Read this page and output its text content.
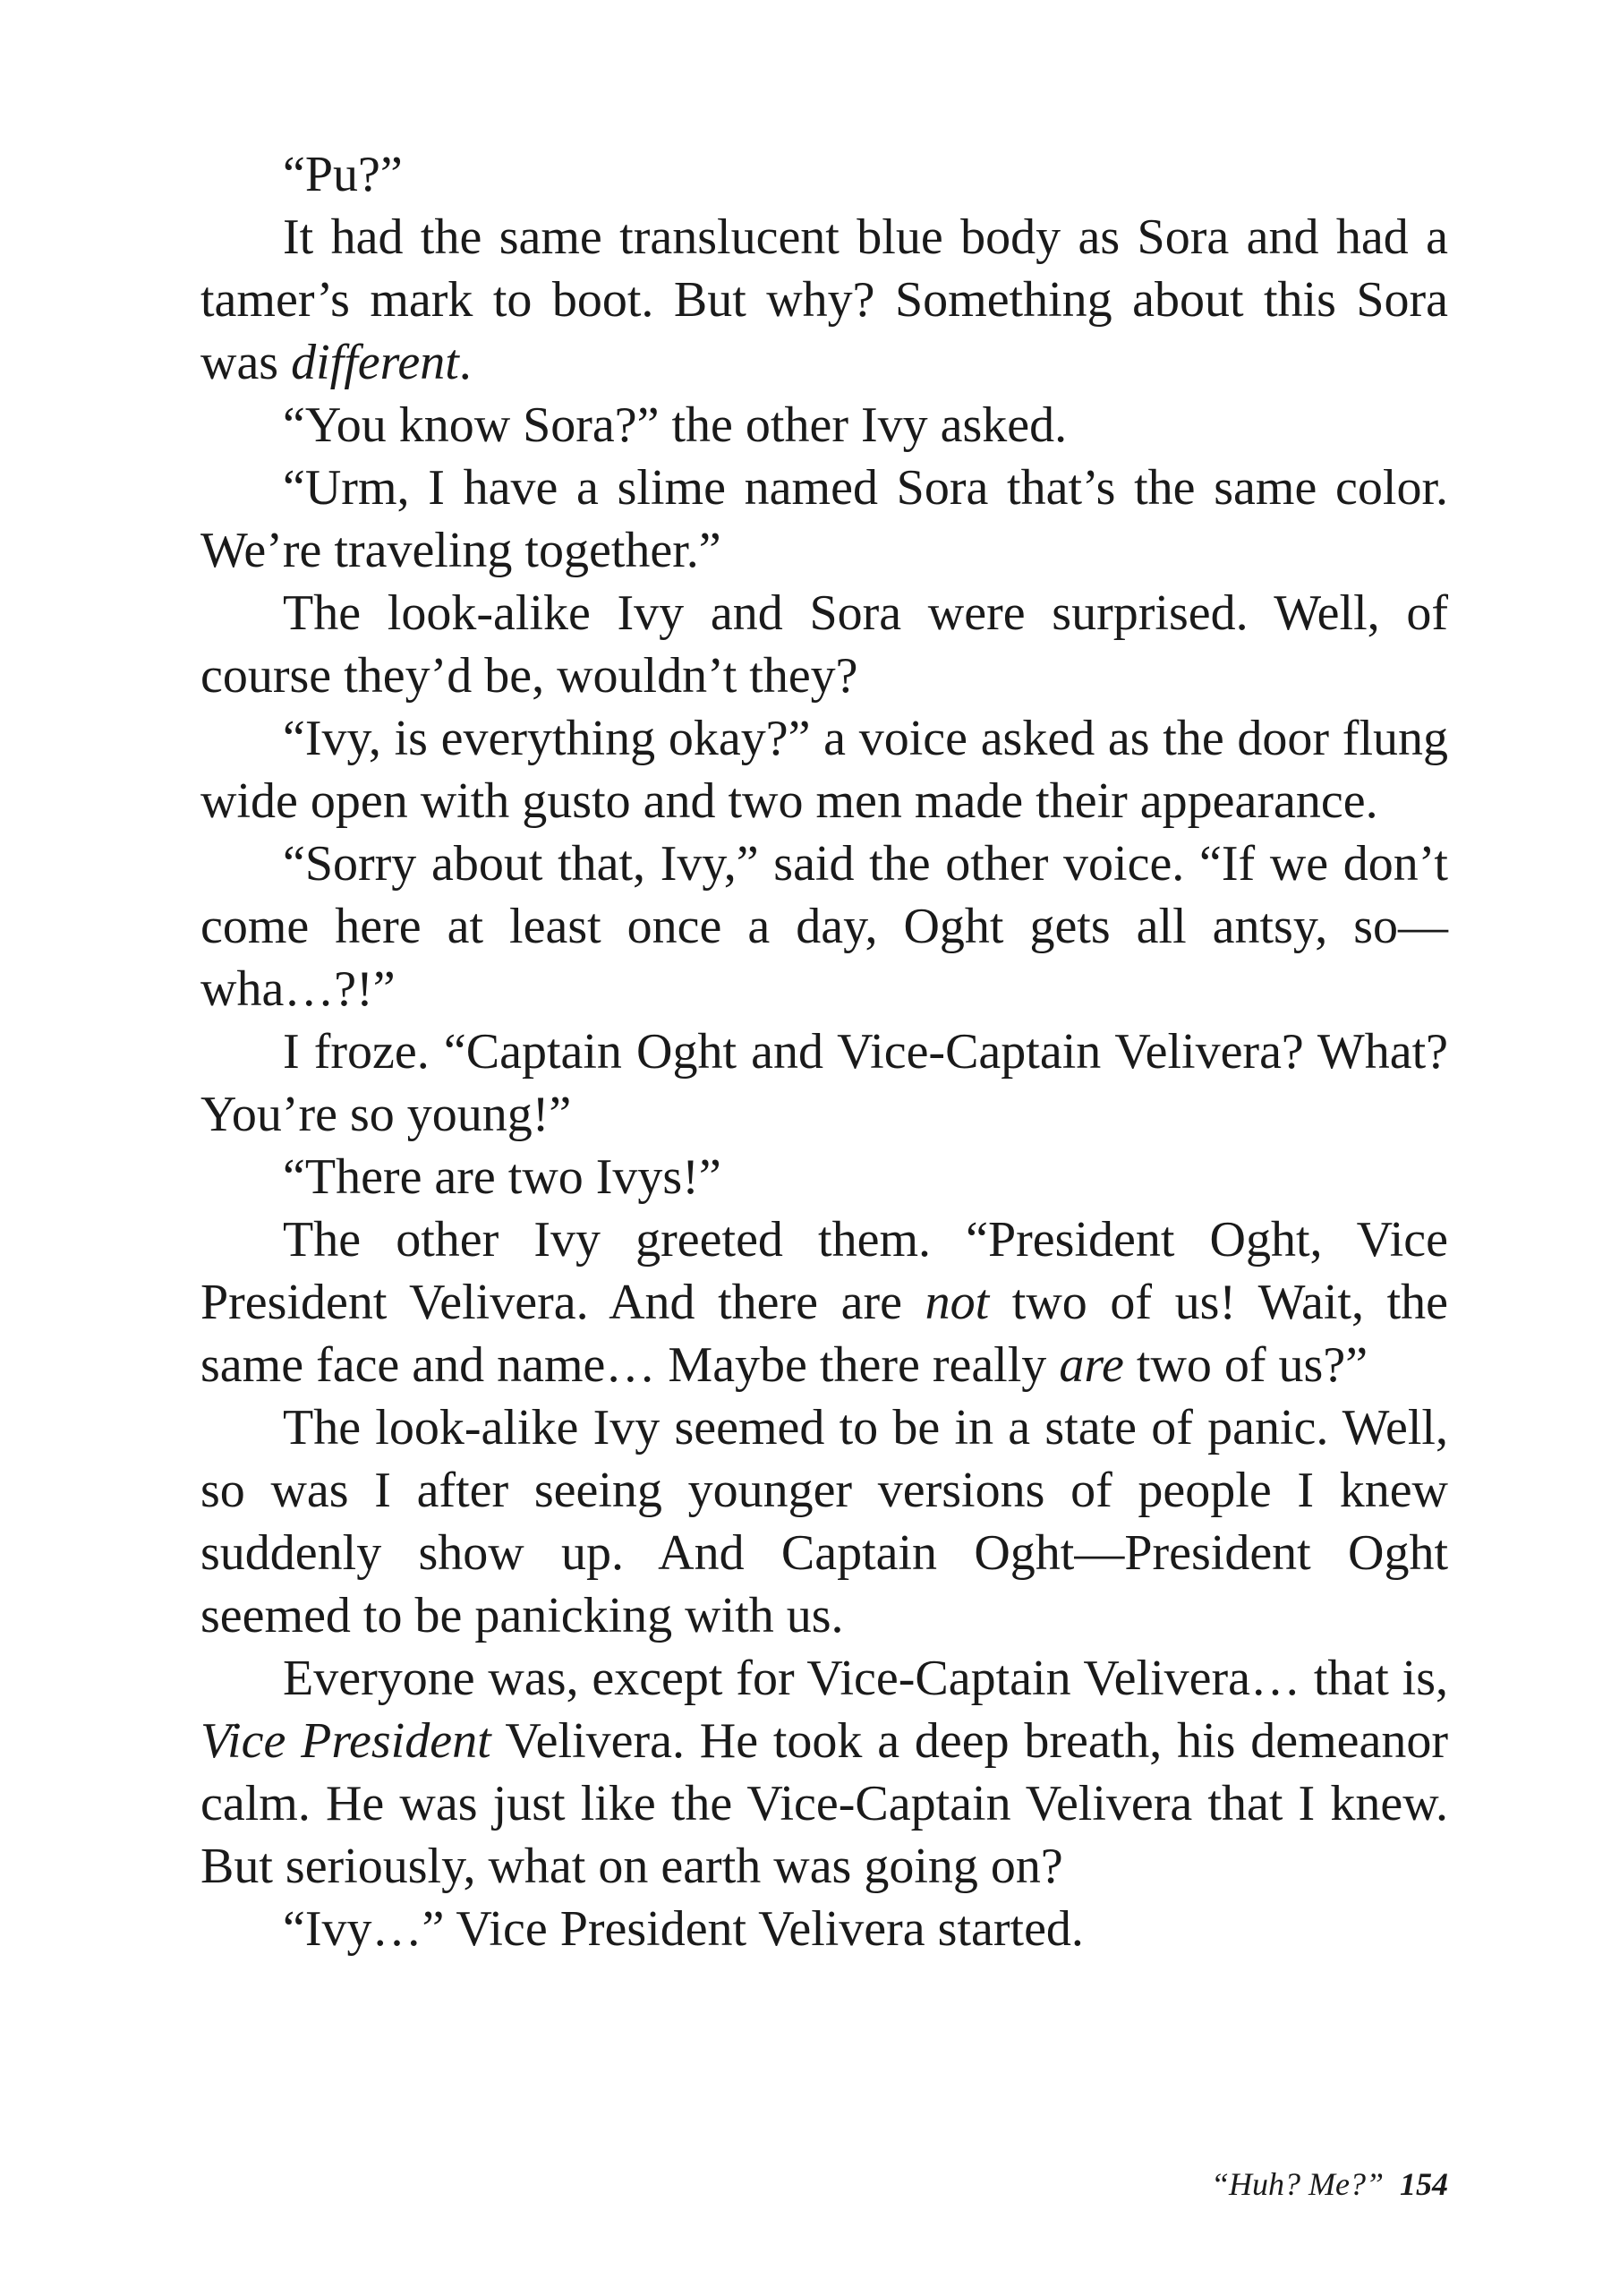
“Pu?”

It had the same translucent blue body as Sora and had a tamer’s mark to boot. But why? Something about this Sora was different.

“You know Sora?” the other Ivy asked.

“Urm, I have a slime named Sora that’s the same color. We’re traveling together.”

The look-alike Ivy and Sora were surprised. Well, of course they’d be, wouldn’t they?

“Ivy, is everything okay?” a voice asked as the door flung wide open with gusto and two men made their appearance.

“Sorry about that, Ivy,” said the other voice. “If we don’t come here at least once a day, Oght gets all antsy, so—wha…?!”

I froze. “Captain Oght and Vice-Captain Velivera? What? You’re so young!”

“There are two Ivys!”

The other Ivy greeted them. “President Oght, Vice President Velivera. And there are not two of us! Wait, the same face and name… Maybe there really are two of us?”

The look-alike Ivy seemed to be in a state of panic. Well, so was I after seeing younger versions of people I knew suddenly show up. And Captain Oght—President Oght seemed to be panicking with us.

Everyone was, except for Vice-Captain Velivera… that is, Vice President Velivera. He took a deep breath, his demeanor calm. He was just like the Vice-Captain Velivera that I knew. But seriously, what on earth was going on?

“Ivy…” Vice President Velivera started.

“Huh? Me?” 154
